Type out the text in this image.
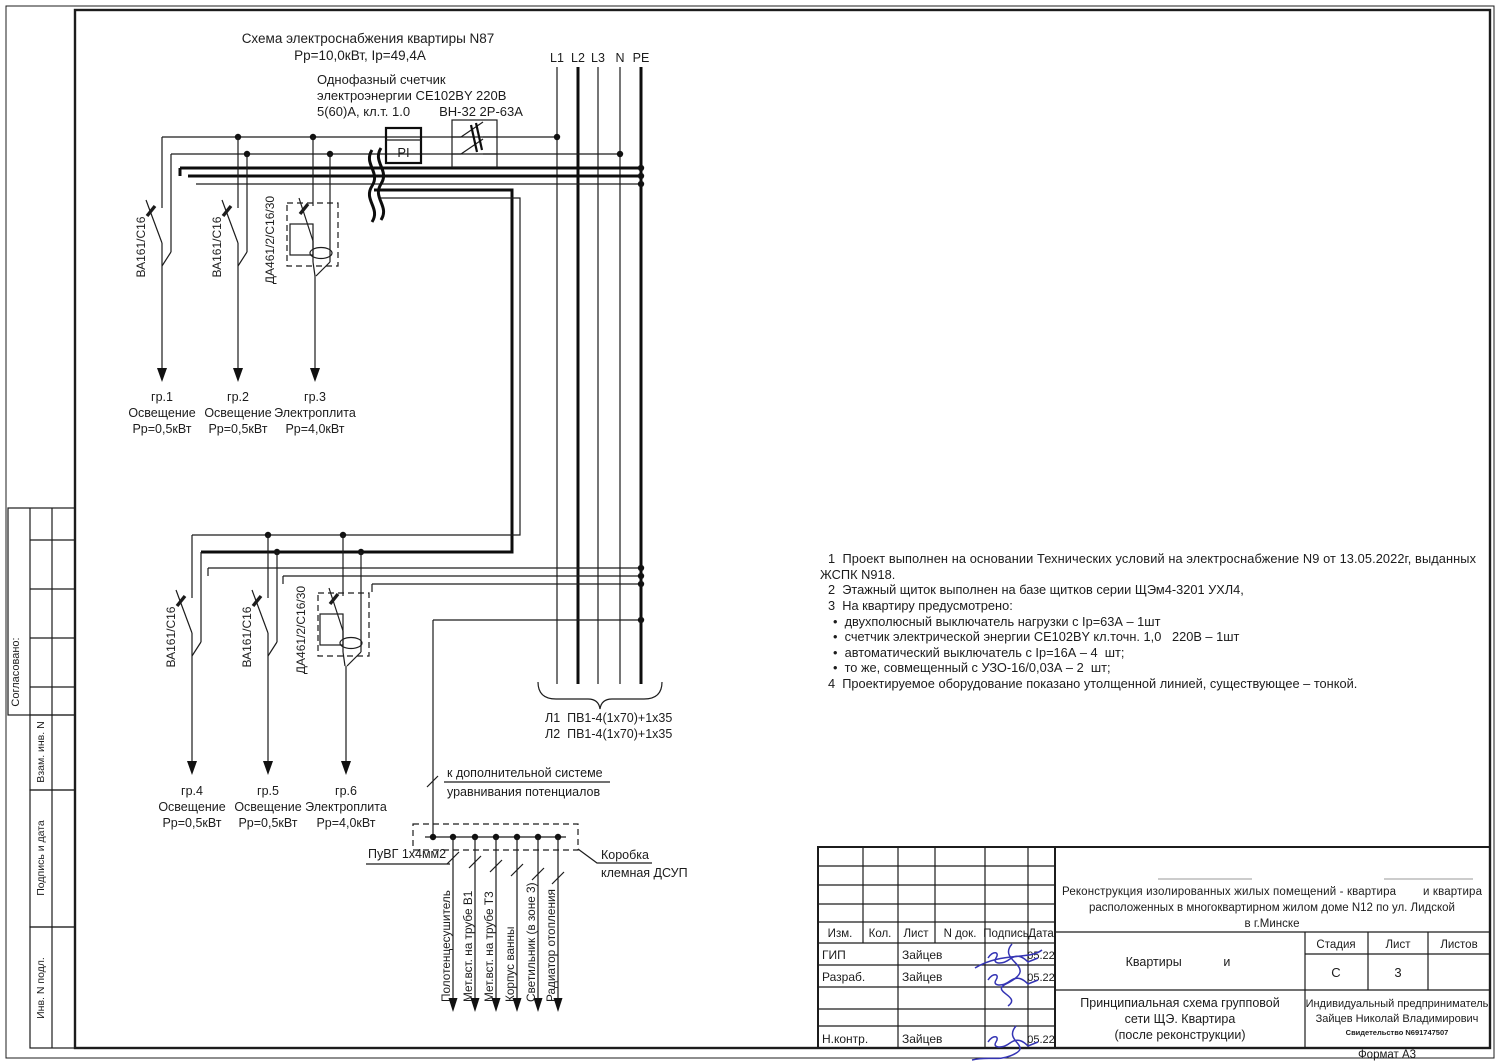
Согласовано:
Взам. инв. N
Подпись и дата
Инв. N подл.
Схема электроснабжения квартиры N87
Рр=10,0кВт, Iр=49,4А
Однофазный счетчик
электроэнергии СЕ102BY 220В
5(60)А, кл.т. 1.0 ВН-32 2Р-63А
L1 L2 L3 N PE
PI
ВА161/С16
гр.1
Освещение
Рр=0,5кВт
ВА161/С16
гр.2
Освещение
Рр=0,5кВт
ДА461/2/С16/30
гр.3
Электроплита
Рр=4,0кВт
ВА161/С16
гр.4
Освещение
Рр=0,5кВт
ВА161/С16
гр.5
Освещение
Рр=0,5кВт
ДА461/2/С16/30
гр.6
Электроплита
Рр=4,0кВт
Л1  ПВ1-4(1х70)+1х35
Л2  ПВ1-4(1х70)+1х35
к дополнительной системе
уравнивания потенциалов
ПуВГ 1х4мм2	Коробка
клемная ДСУП
Полотенцесушитель Мет.вст. на трубе В1 Мет.вст. на трубе Т3 Корпус ванны Светильник (в зоне 3) Радиатор отопления
1  Проект выполнен на основании Технических условий на электроснабжение N9 от 13.05.2022г, выданных
ЖСПК N918.
2  Этажный щиток выполнен на базе щитков серии ЩЭм4-3201 УХЛ4,
3  На квартиру предусмотрено:
•  двухполюсный выключатель нагрузки с Iр=63А – 1шт
•  счетчик электрической энергии СЕ102BY кл.точн. 1,0   220В – 1шт
•  автоматический выключатель с Iр=16А – 4  шт;
•  то же, совмещенный с УЗО-16/0,03А – 2  шт;
4  Проектируемое оборудование показано утолщенной линией, существующее – тонкой.
Изм. Кол. Лист N док. Подпись Дата
ГИП	Зайцев	05.22
Разраб.	Зайцев	05.22
Н.контр.	Зайцев	05.22
Реконструкция изолированных жилых помещений - квартира        и квартира
расположенных в многоквартирном жилом доме N12 по ул. Лидской
в г.Минске
Квартиры            и
Стадия	Лист	Листов
С	3
Принципиальная схема групповой
сети ЩЭ. Квартира
(после реконструкции)
Индивидуальный предприниматель
Зайцев Николай Владимирович
Свидетельство N691747507
Формат А3
